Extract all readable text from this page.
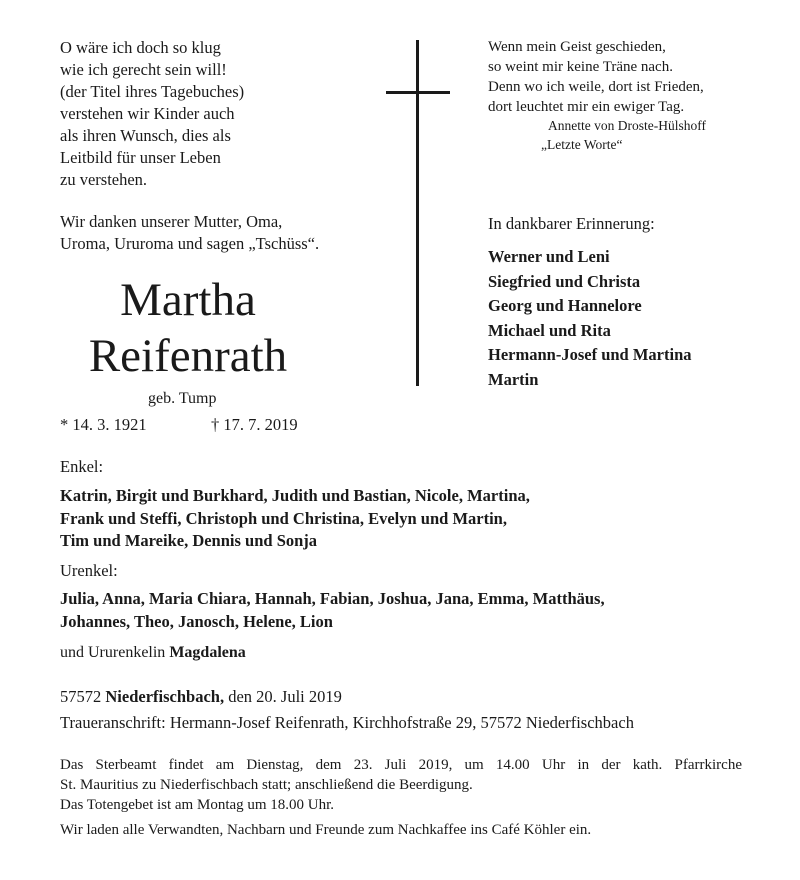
O wäre ich doch so klug
wie ich gerecht sein will!
(der Titel ihres Tagebuches)
verstehen wir Kinder auch
als ihren Wunsch, dies als
Leitbild für unser Leben
zu verstehen.
Wir danken unserer Mutter, Oma,
Uroma, Ururoma und sagen „Tschüss“.
Martha
Reifenrath
geb. Tump
* 14. 3. 1921	† 17. 7. 2019
Wenn mein Geist geschieden,
so weint mir keine Träne nach.
Denn wo ich weile, dort ist Frieden,
dort leuchtet mir ein ewiger Tag.
Annette von Droste-Hülshoff
„Letzte Worte“
In dankbarer Erinnerung:
Werner und Leni
Siegfried und Christa
Georg und Hannelore
Michael und Rita
Hermann-Josef und Martina
Martin
Enkel:
Katrin, Birgit und Burkhard, Judith und Bastian, Nicole, Martina,
Frank und Steffi, Christoph und Christina, Evelyn und Martin,
Tim und Mareike, Dennis und Sonja
Urenkel:
Julia, Anna, Maria Chiara, Hannah, Fabian, Joshua, Jana, Emma, Matthäus,
Johannes, Theo, Janosch, Helene, Lion
und Ururenkelin Magdalena
57572 Niederfischbach, den 20. Juli 2019
Traueranschrift: Hermann-Josef Reifenrath, Kirchhofstraße 29, 57572 Niederfischbach
Das Sterbeamt findet am Dienstag, dem 23. Juli 2019, um 14.00 Uhr in der kath. Pfarrkirche
St. Mauritius zu Niederfischbach statt; anschließend die Beerdigung.
Das Totengebet ist am Montag um 18.00 Uhr.
Wir laden alle Verwandten, Nachbarn und Freunde zum Nachkaffee ins Café Köhler ein.
